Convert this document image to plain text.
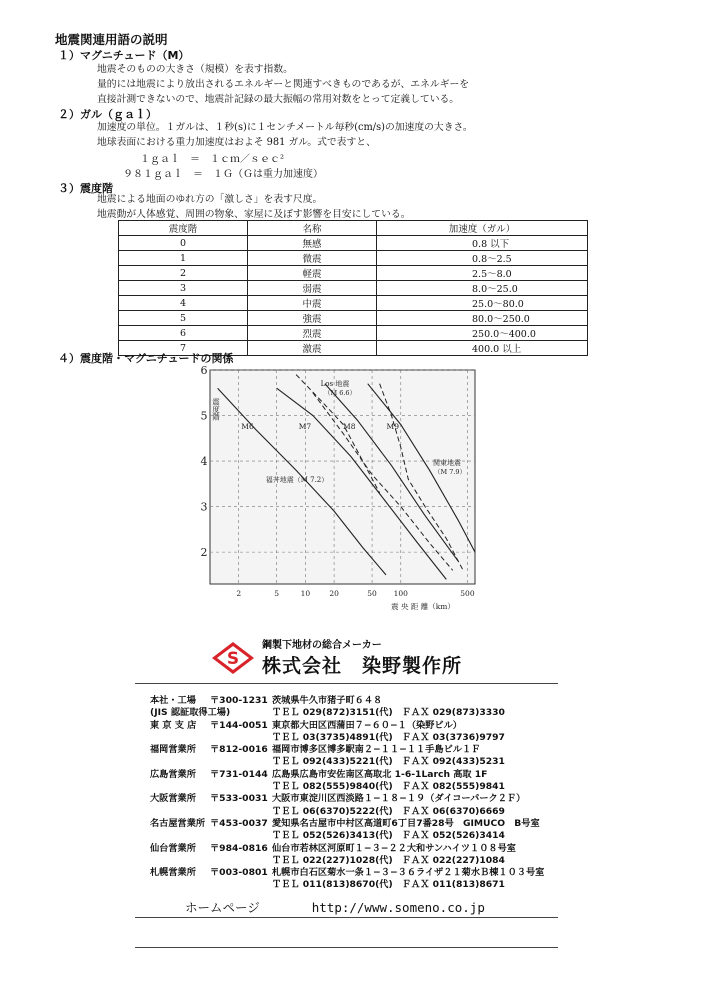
地震関連用語の説明
１）マグニチュード（M）
地震そのものの大きさ（規模）を表す指数。
量的には地震により放出されるエネルギーと関連すべきものであるが、エネルギーを
直接計測できないので、地震計記録の最大振幅の常用対数をとって定義している。
２）ガル（ｇａｌ）
加速度の単位。１ガルは、１秒(s)に１センチメートル毎秒(cm/s)の加速度の大きさ。
地球表面における重力加速度はおよそ 981 ガル。式で表すと、
１ｇａｌ　＝　１ｃｍ／ｓｅｃ²
９８１ｇａｌ　＝　１Ｇ（Ｇは重力加速度）
３）震度階
地震による地面のゆれ方の「激しさ」を表す尺度。
地震動が人体感覚、周囲の物象、家屋に及ぼす影響を目安にしている。
震度階	名称	加速度（ガル）
0	無感	0.8 以下
1	微震	0.8～2.5
2	軽震	2.5～8.0
3	弱震	8.0～25.0
4	中震	25.0～80.0
5	強震	80.0～250.0
6	烈震	250.0～400.0
7	激震	400.0 以上
４）震度階・マグニチュードの関係
2	5	10	20	50 100	500
2
3
4
5
6
震度階
M6	M7	M8	M9
Los 地震
（M 6.6）
関東地震
（M 7.9）
福井地震（M 7.2）
震 央 距 離（km）
S
鋼製下地材の総合メーカー
株式会社　染野製作所
本社・工場 〒300-1231 茨城県牛久市猪子町６４８
(JIS 認証取得工場)	ＴＥＬ 029(872)3151(代)　ＦＡＸ 029(873)3330
東 京 支 店 〒144-0051 東京都大田区西蒲田７−６０−１（染野ビル）
ＴＥＬ 03(3735)4891(代)　ＦＡＸ 03(3736)9797
福岡営業所 〒812-0016 福岡市博多区博多駅南２−１１−１１手島ビル１Ｆ
ＴＥＬ 092(433)5221(代)　ＦＡＸ 092(433)5231
広島営業所 〒731-0144 広島県広島市安佐南区高取北 1-6-1Larch 高取 1F
ＴＥＬ 082(555)9840(代)　ＦＡＸ 082(555)9841
大阪営業所 〒533-0031 大阪市東淀川区西淡路１−１８−１９（ダイコーパーク２Ｆ）
ＴＥＬ 06(6370)5222(代)　ＦＡＸ 06(6370)6669
名古屋営業所 〒453-0037 愛知県名古屋市中村区高道町6丁目7番28号　GIMUCO　B号室
ＴＥＬ 052(526)3413(代)　ＦＡＸ 052(526)3414
仙台営業所 〒984-0816 仙台市若林区河原町１−３−２２大和サンハイツ１０８号室
ＴＥＬ 022(227)1028(代)　ＦＡＸ 022(227)1084
札幌営業所 〒003-0801 札幌市白石区菊水一条１−３−３６ライザ２１菊水Ｂ棟１０３号室
ＴＥＬ 011(813)8670(代)　ＦＡＸ 011(813)8671
ホームページ	http://www.someno.co.jp
